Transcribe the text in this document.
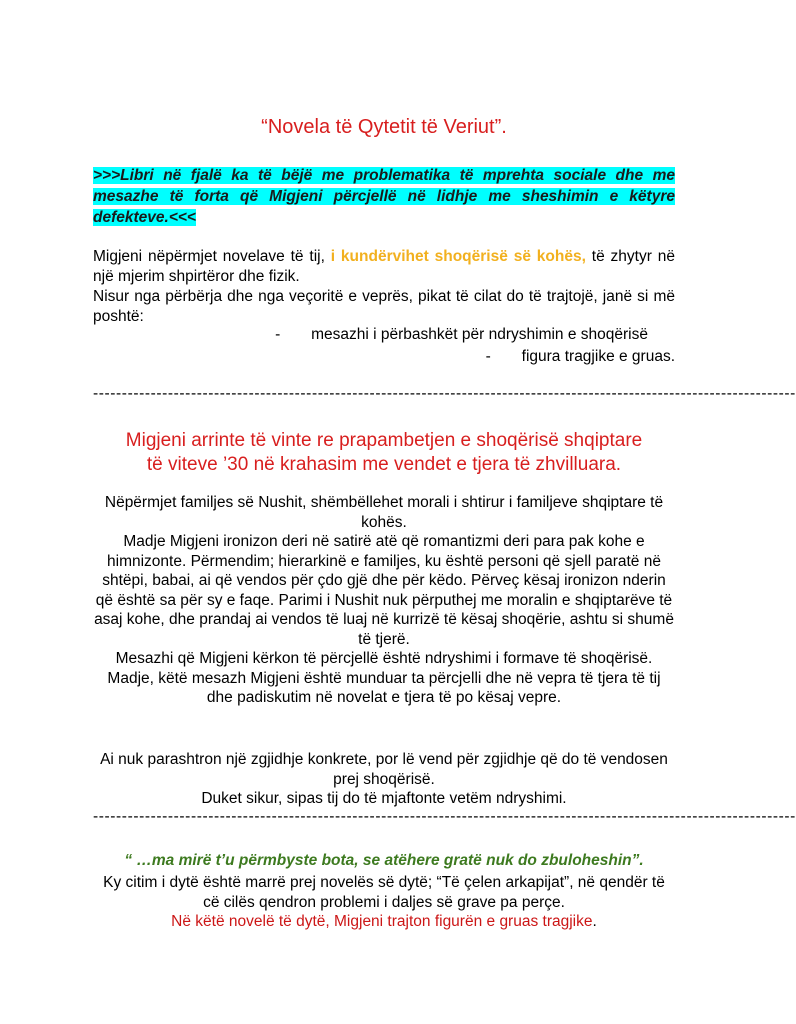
“Novela të Qytetit të Veriut”.
>>>Libri në fjalë ka të bëjë me problematika të mprehta sociale dhe me mesazhe të forta që Migjeni përcjellë në lidhje me sheshimin e këtyre defekteve.<<<
Migjeni nëpërmjet novelave të tij, i kundërvihet shoqërisë së kohës, të zhytyr në një mjerim shpirtëror dhe fizik.
Nisur nga përbërja dhe nga veçoritë e veprës, pikat të cilat do të trajtojë, janë si më poshtë:
- mesazhi i përbashkët për ndryshimin e shoqërisë
- figura tragjike e gruas.
--------------------------------------------------------------------------------------------------------------------------
Migjeni arrinte të vinte re prapambetjen e shoqërisë shqiptare
të viteve ’30 në krahasim me vendet e tjera të zhvilluara.
Nëpërmjet familjes së Nushit, shëmbëllehet morali i shtirur i familjeve shqiptare të kohës.
Madje Migjeni ironizon deri në satirë atë që romantizmi deri para pak kohe e himnizonte. Përmendim; hierarkinë e familjes, ku është personi që sjell paratë në shtëpi, babai, ai që vendos për çdo gjë dhe për këdo. Përveç kësaj ironizon nderin që është sa për sy e faqe. Parimi i Nushit nuk përputhej me moralin e shqiptarëve të asaj kohe, dhe prandaj ai vendos të luaj në kurrizë të kësaj shoqërie, ashtu si shumë të tjerë.
Mesazhi që Migjeni kërkon të përcjellë është ndryshimi i formave të shoqërisë.
Madje, këtë mesazh Migjeni është munduar ta përcjelli dhe në vepra të tjera të tij dhe padiskutim në novelat e tjera të po kësaj vepre.
Ai nuk parashtron një zgjidhje konkrete, por lë vend për zgjidhje që do të vendosen prej shoqërisë.
Duket sikur, sipas tij do të mjaftonte vetëm ndryshimi.
--------------------------------------------------------------------------------------------------------------------------
“ …ma mirë t’u përmbyste bota, se atëhere gratë nuk do zbuloheshin”.
Ky citim i dytë është marrë prej novelës së dytë; “Të çelen arkapijat”, në qendër të cë cilës qendron problemi i daljes së grave pa perçe.
Në këtë novelë të dytë, Migjeni trajton figurën e gruas tragjike.
